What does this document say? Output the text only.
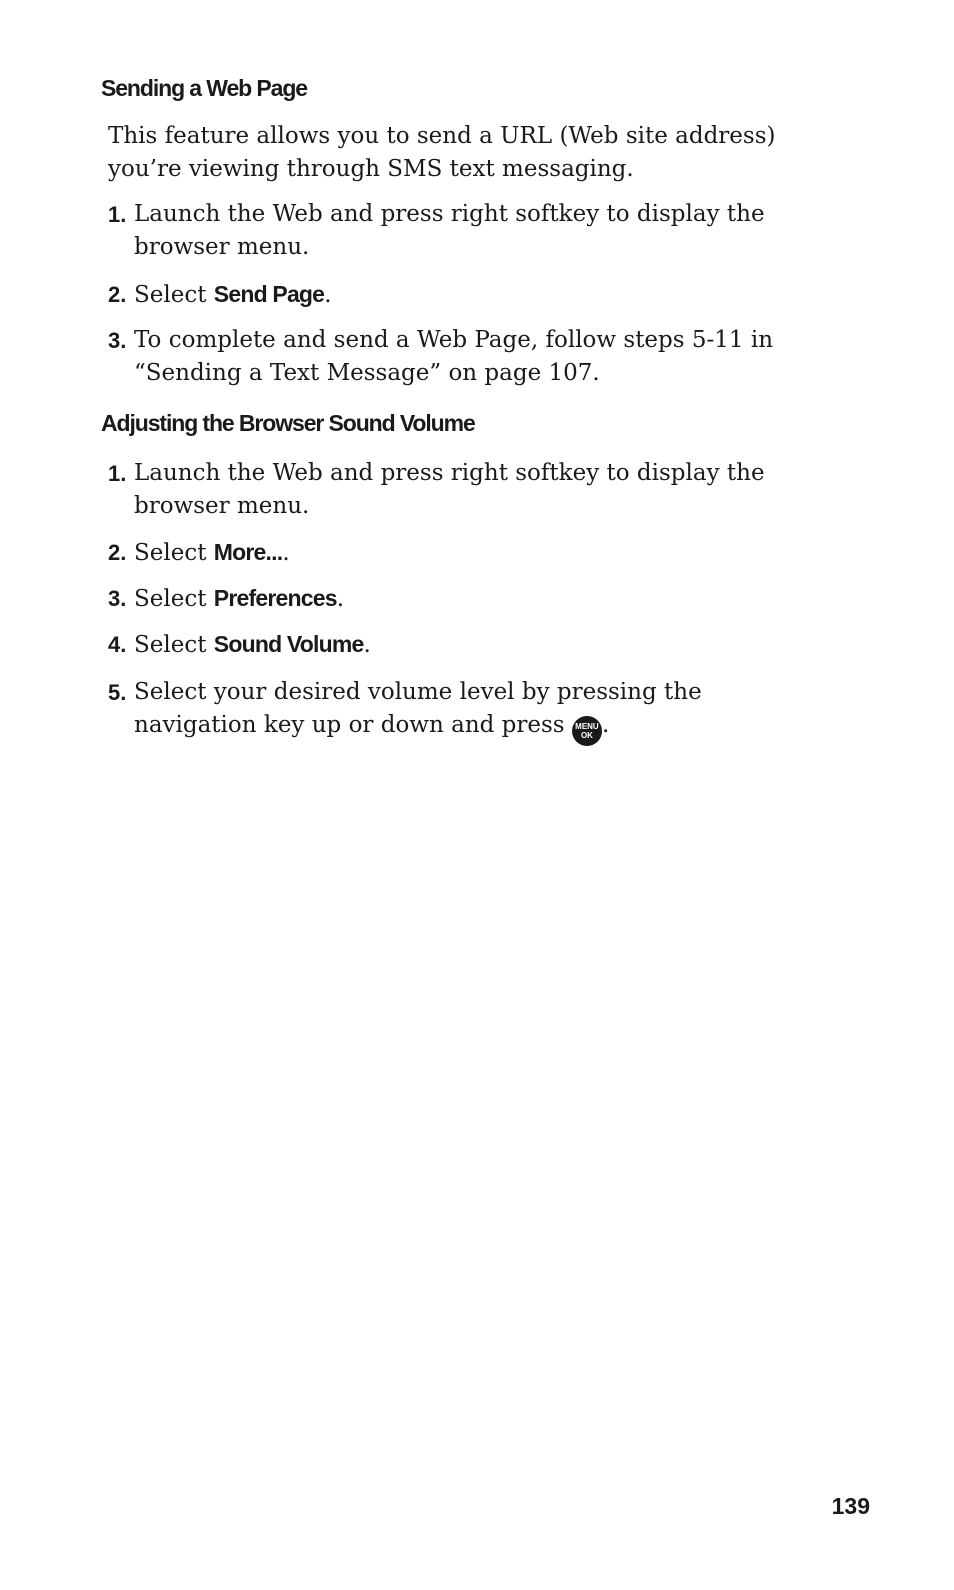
Sending a Web Page

This feature allows you to send a URL (Web site address) you’re viewing through SMS text messaging.

1. Launch the Web and press right softkey to display the browser menu.
2. Select Send Page.
3. To complete and send a Web Page, follow steps 5-11 in “Sending a Text Message” on page 107.
Adjusting the Browser Sound Volume
1. Launch the Web and press right softkey to display the browser menu.
2. Select More....
3. Select Preferences.
4. Select Sound Volume.
5. Select your desired volume level by pressing the navigation key up or down and press	MENU
OK .
139
